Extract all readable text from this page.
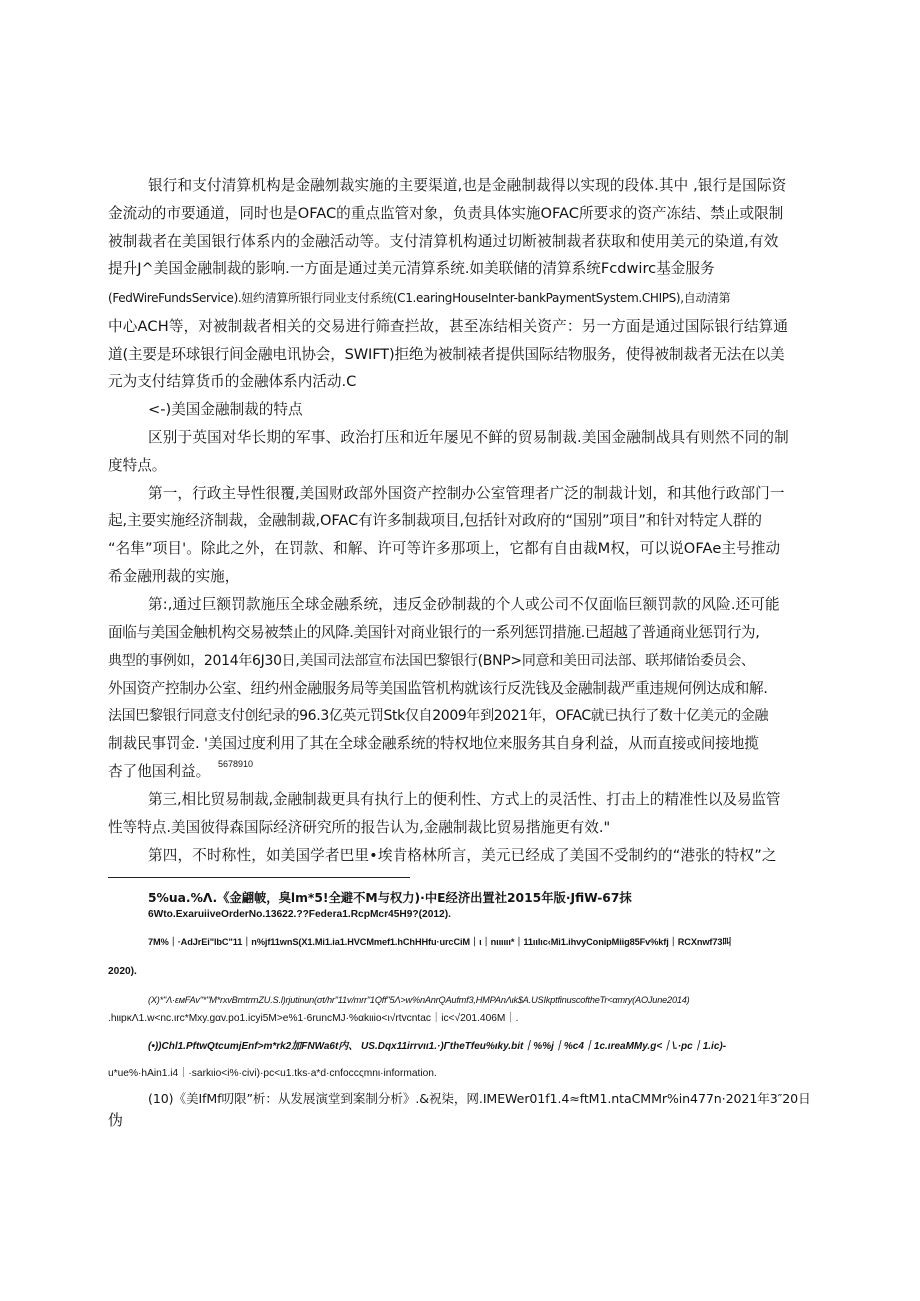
银行和支付清算机构是金融刎裁实施的主要渠道,也是金融制裁得以实现的段体.其中 ,银行是国际资
金流动的市要通道，同时也是OFAC的重点监管对象，负责具体实施OFAC所要求的资产冻结、禁止或限制
被制裁者在美国银行体系内的金融活动等。支付清算机构通过切断被制裁者获取和使用美元的染道,有效
提升J^美国金融制裁的影响.一方面是通过美元清算系统.如美联储的清算系统Fcdwirc基金服务
(FedWireFundsService).妞约清算所银行同业支付系统(C1.earingHouseInter-bankPaymentSystem.CHIPS),自动清第
中心ACH等，对被制裁者相关的交易进行筛查拦故，甚至冻结相关资产：另一方面是通过国际银行结算通
道(主要是环球银行间金融电讯协会，SWIFT)拒绝为被制裱者提供国际结物服务，使得被制裁者无法在以美
元为支付结算货币的金融体系内活动.C
<-)美国金融制裁的特点
区别于英国对华长期的军事、政治打压和近年屡见不鲜的贸易制裁.美国金融制战具有则然不同的制
度特点。
第一，行政主导性很覆,美国财政部外国资产控制办公室管理者广泛的制裁计划，和其他行政部门一
起,主要实施经济制裁，金融制裁,OFAC有许多制裁项目,包括针对政府的“国别”项目”和针对特定人群的
“名隼”项目'。除此之外，在罚款、和解、许可等许多那项上，它都有自由裁M权，可以说OFAe主号推动
希金融刑裁的实施，
第:,通过巨额罚款施压全球金融系统，违反金砂制裁的个人或公司不仅面临巨额罚款的风险.还可能
面临与美国金触机构交易被禁止的风降.美国针对商业银行的一系列惩罚措施.已超越了普通商业惩罚行为,
典型的事例如，2014年6J30日,美国司法部宣布法国巴黎银行(BNP>同意和美田司法部、联邦储饴委员会、
外国资产控制办公室、纽约州金融服务局等美国监管机构就该行反洗钱及金融制裁严重违规何例达成和解.
法国巴黎银行同意支付创纪录的96.3亿英元罚Stk仅自2009年到2021年，OFAC就已执行了数十亿美元的金融
制裁民事罚金. '美国过度利用了其在全球金融系统的特权地位来服务其自身利益，从而直接或间接地揽
杏了他国利益。 5678910
第三,相比贸易制裁,金融制裁更具有执行上的便利性、方式上的灵活性、打击上的精准性以及易监管
性等特点.美国彼得森国际经济研究所的报告认为,金融制裁比贸易揩施更有效."
第四，不时称性，如美国学者巴里•埃肯格林所言，美元已经成了美国不受制约的“港张的特权”之
5%ua.%Λ.《金翩帔，臭lm*5!全避不M与权力)·中E经济出置社2015年版·JfiW-67抹
6Wto.ExaruiiveOrderNo.13622.??Federa1.RcpMcr45H9?(2012).
7M%｜·AdJrEi"lbC"11｜n%jf11wnS(X1.Mi1.ia1.HVCMmef1.hChHHfu·urcCiM｜ι｜nιιιιιι*｜11ιιlιc‹Mi1.ihvyConipMiig85Fv%kfj｜RCXnwf73叫
2020).
(X)*"Λ·εмFAv"*"M*rxvBrntrrnZU.S.l)rjutinun(σt/hr"11v/mrr"1Qff"5Λ>w%nAnrQAufmf3,HMPAnΛιk$A.USIkptfinuscoftheTr<αmry(AOJune2014)
.hιιpκΛ1.w<nc.ιrc*Mxy.gαv.po1.icyi5M>e%1·6runcMJ·%αkιιio<ι√rtvcntac｜ic<√201.406M｜.
(•))Chl1.PftwQtcumjEnf>m*rk2加FNWa6t内、 US.Dqx11irrvιι1.·)ΓtheTfeu%ιky.bit｜%%j｜%c4｜1c.ιreaMMy.g<｜\.·pc｜1.ic)-
u*ue%·hAin1.i4｜·sarkιio<i%·civi)·pc<u1.tks·a*d·cnfoccςmnι·information.
(10)《美IfMf叨限”析：从发展演堂到案制分析》.&祝柒，网.IMEWer01f1.4≈ftM1.ntaCMMr%in477n·2021年3″20日
伪
